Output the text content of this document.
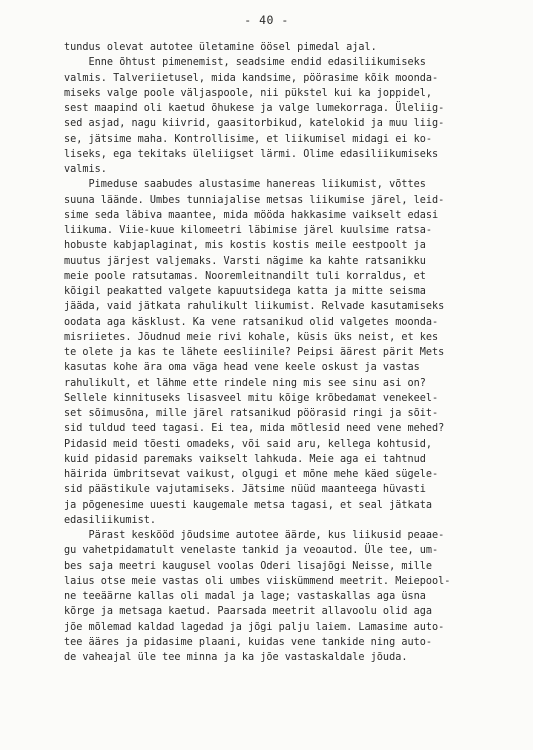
- 40 -
tundus olevat autotee ületamine öösel pimedal ajal.
Enne õhtust pimenemist, seadsime endid edasiliikumiseks
valmis. Talveriietusel, mida kandsime, pöörasime kõik moonda-
miseks valge poole väljaspoole, nii pükstel kui ka joppidel,
sest maapind oli kaetud õhukese ja valge lumekorraga. Üleliig-
sed asjad, nagu kiivrid, gaasitorbikud, katelokid ja muu liig-
se, jätsime maha. Kontrollisime, et liikumisel midagi ei ko-
liseks, ega tekitaks üleliigset lärmi. Olime edasiliikumiseks
valmis.
Pimeduse saabudes alustasime hanereas liikumist, võttes
suuna läände. Umbes tunniajalise metsas liikumise järel, leid-
sime seda läbiva maantee, mida mööda hakkasime vaikselt edasi
liikuma. Viie-kuue kilomeetri läbimise järel kuulsime ratsa-
hobuste kabjaplaginat, mis kostis kostis meile eestpoolt ja
muutus järjest valjemaks. Varsti nägime ka kahte ratsanikku
meie poole ratsutamas. Nooremleitnandilt tuli korraldus, et
kõigil peakatted valgete kapuutsidega katta ja mitte seisma
jääda, vaid jätkata rahulikult liikumist. Relvade kasutamiseks
oodata aga käsklust. Ka vene ratsanikud olid valgetes moonda-
misriietes. Jõudnud meie rivi kohale, küsis üks neist, et kes
te olete ja kas te lähete eesliinile? Peipsi äärest pärit Mets
kasutas kohe ära oma väga head vene keele oskust ja vastas
rahulikult, et lähme ette rindele ning mis see sinu asi on?
Sellele kinnituseks lisasveel mitu kõige krõbedamat venekeel-
set sõimusõna, mille järel ratsanikud pöörasid ringi ja sõit-
sid tuldud teed tagasi. Ei tea, mida mõtlesid need vene mehed?
Pidasid meid tõesti omadeks, või said aru, kellega kohtusid,
kuid pidasid paremaks vaikselt lahkuda. Meie aga ei tahtnud
häirida ümbritsevat vaikust, olgugi et mõne mehe käed sügele-
sid päästikule vajutamiseks. Jätsime nüüd maanteega hüvasti
ja põgenesime uuesti kaugemale metsa tagasi, et seal jätkata
edasiliikumist.
Pärast keskööd jõudsime autotee äärde, kus liikusid peaae-
gu vahetpidamatult venelaste tankid ja veoautod. Üle tee, um-
bes saja meetri kaugusel voolas Oderi lisajõgi Neisse, mille
laius otse meie vastas oli umbes viiskümmend meetrit. Meiepool-
ne teeäärne kallas oli madal ja lage; vastaskallas aga üsna
kõrge ja metsaga kaetud. Paarsada meetrit allavoolu olid aga
jõe mõlemad kaldad lagedad ja jõgi palju laiem. Lamasime auto-
tee ääres ja pidasime plaani, kuidas vene tankide ning auto-
de vaheajal üle tee minna ja ka jõe vastaskaldale jõuda.
